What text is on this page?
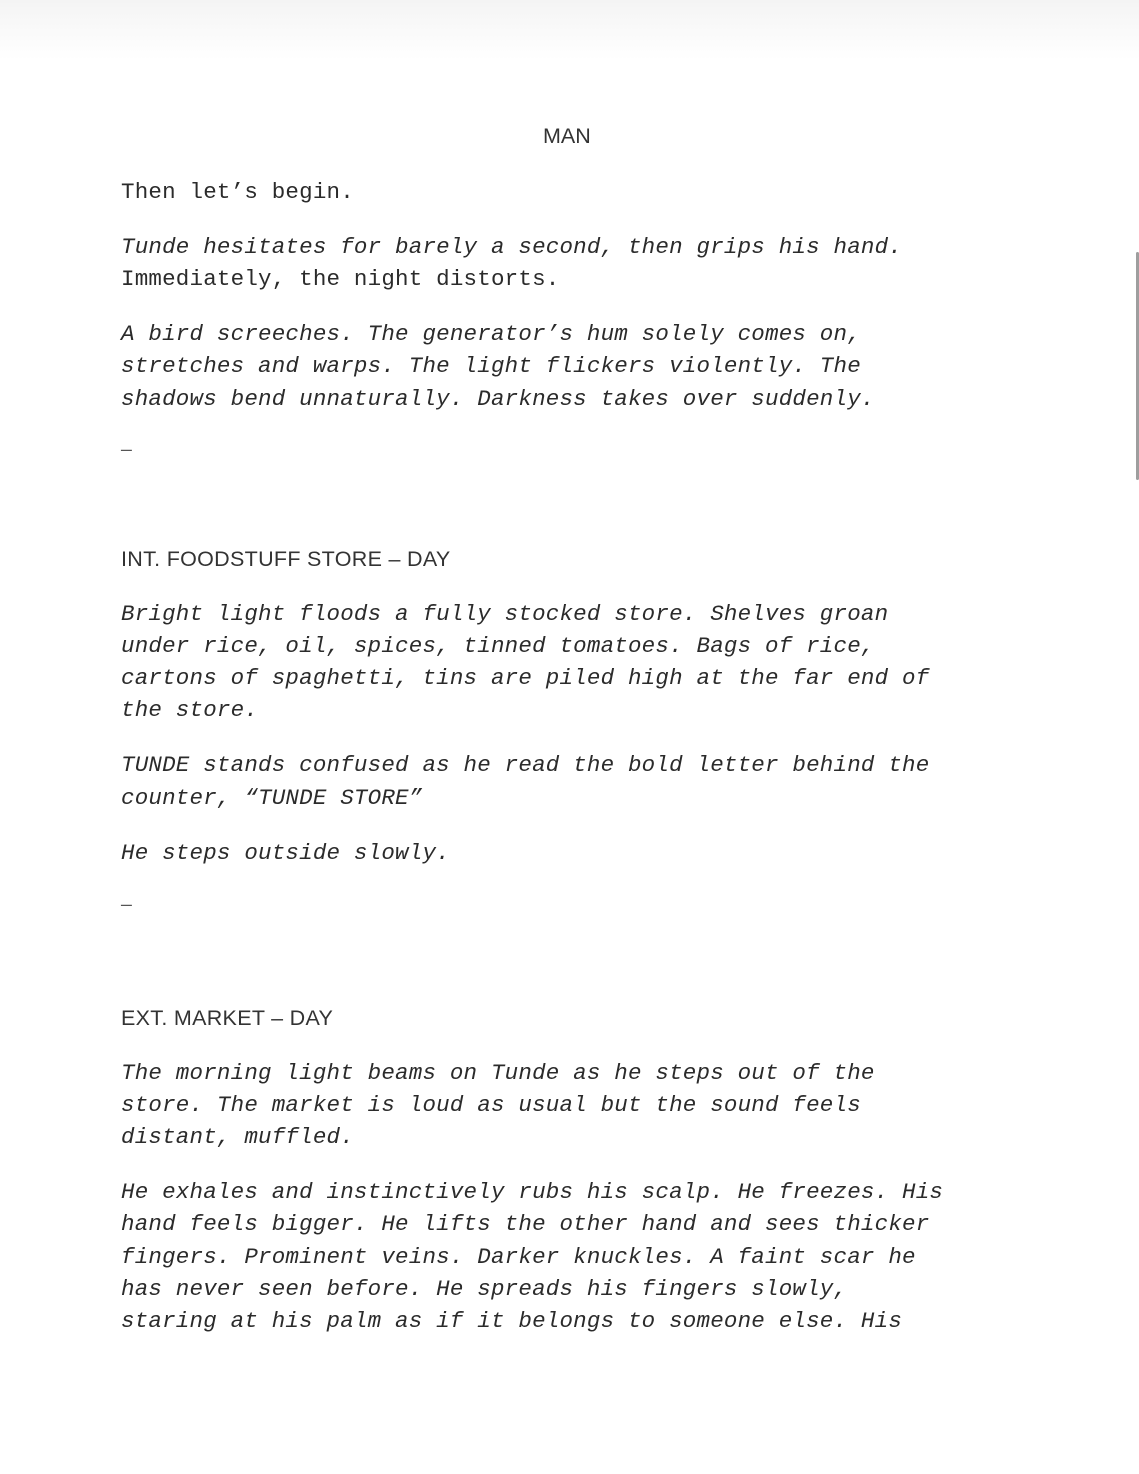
MAN
Then let’s begin.
Tunde hesitates for barely a second, then grips his hand.
Immediately, the night distorts.
A bird screeches. The generator’s hum solely comes on,
stretches and warps. The light flickers violently. The
shadows bend unnaturally. Darkness takes over suddenly.
—
INT. FOODSTUFF STORE – DAY
Bright light floods a fully stocked store. Shelves groan
under rice, oil, spices, tinned tomatoes. Bags of rice,
cartons of spaghetti, tins are piled high at the far end of
the store.
TUNDE stands confused as he read the bold letter behind the
counter, “TUNDE STORE”
He steps outside slowly.
—
EXT. MARKET – DAY
The morning light beams on Tunde as he steps out of the
store. The market is loud as usual but the sound feels
distant, muffled.
He exhales and instinctively rubs his scalp. He freezes. His
hand feels bigger. He lifts the other hand and sees thicker
fingers. Prominent veins. Darker knuckles. A faint scar he
has never seen before. He spreads his fingers slowly,
staring at his palm as if it belongs to someone else. His
